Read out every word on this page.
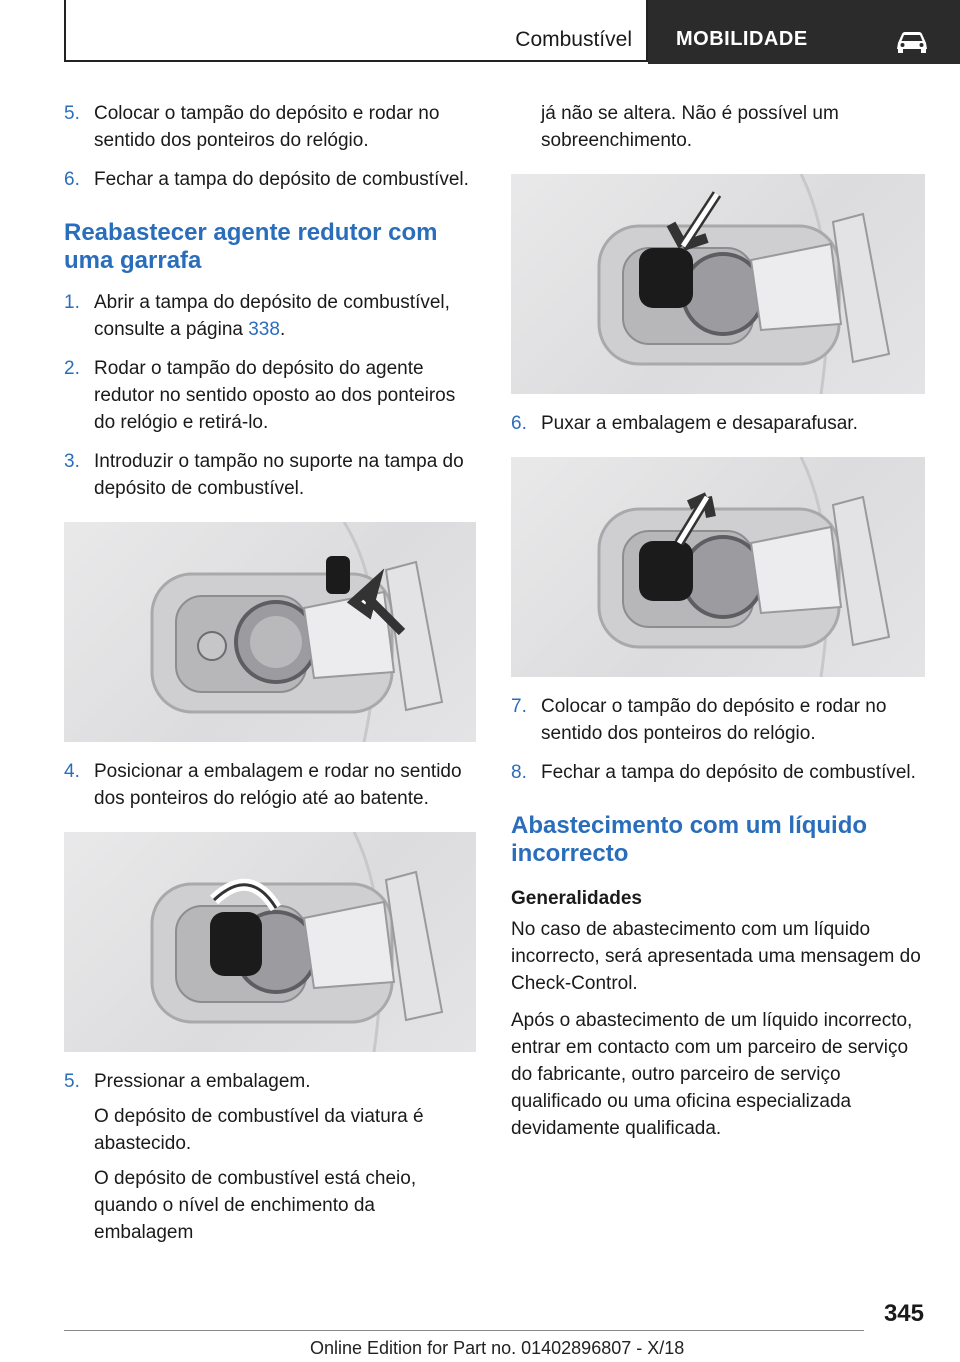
Combustível MOBILIDADE
5. Colocar o tampão do depósito e rodar no sentido dos ponteiros do relógio.

6. Fechar a tampa do depósito de combustível.

Reabastecer agente redutor com uma garrafa
1. Abrir a tampa do depósito de combustível, consulte a página 338.

2. Rodar o tampão do depósito do agente redutor no sentido oposto ao dos ponteiros do relógio e retirá-lo.

3. Introduzir o tampão no suporte na tampa do depósito de combustível.

4. Posicionar a embalagem e rodar no sentido dos ponteiros do relógio até ao batente.

5. Pressionar a embalagem.

O depósito de combustível da viatura é abastecido.

O depósito de combustível está cheio, quando o nível de enchimento da embalagem

já não se altera. Não é possível um sobreenchimento.
6. Puxar a embalagem e desaparafusar.

7. Colocar o tampão do depósito e rodar no sentido dos ponteiros do relógio.

8. Fechar a tampa do depósito de combustível.

Abastecimento com um líquido incorrecto
Generalidades

No caso de abastecimento com um líquido incorrecto, será apresentada uma mensagem do Check-Control.

Após o abastecimento de um líquido incorrecto, entrar em contacto com um parceiro de serviço do fabricante, outro parceiro de serviço qualificado ou uma oficina especializada devidamente qualificada.

345
Online Edition for Part no. 01402896807 - X/18
